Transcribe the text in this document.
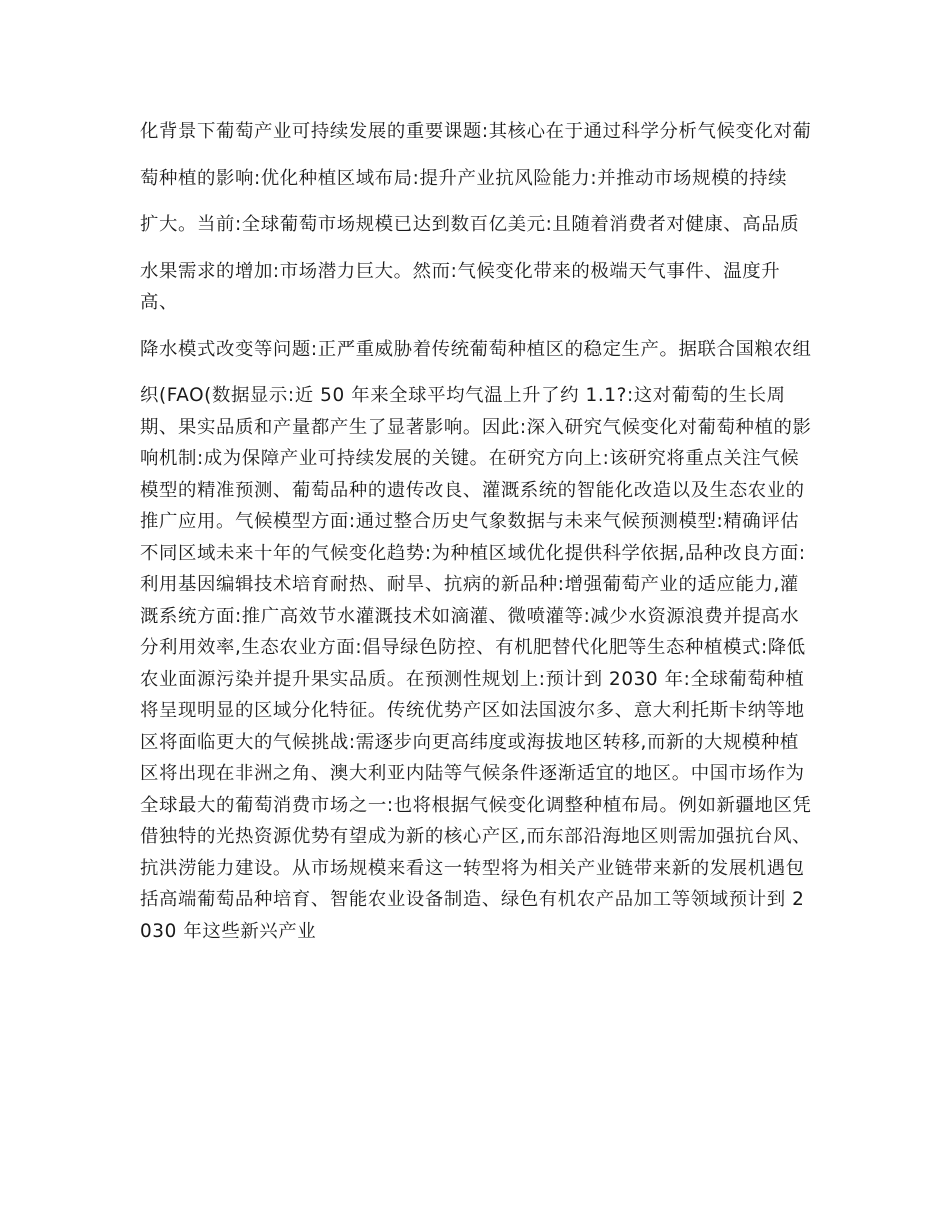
化背景下葡萄产业可持续发展的重要课题:其核心在于通过科学分析气候变化对葡

萄种植的影响:优化种植区域布局:提升产业抗风险能力:并推动市场规模的持续

扩大。当前:全球葡萄市场规模已达到数百亿美元:且随着消费者对健康、高品质

水果需求的增加:市场潜力巨大。然而:气候变化带来的极端天气事件、温度升高、

降水模式改变等问题:正严重威胁着传统葡萄种植区的稳定生产。据联合国粮农组

织(FAO(数据显示:近 50 年来全球平均气温上升了约 1.1?:这对葡萄的生长周期、果实品质和产量都产生了显著影响。因此:深入研究气候变化对葡萄种植的影响机制:成为保障产业可持续发展的关键。在研究方向上:该研究将重点关注气候模型的精准预测、葡萄品种的遗传改良、灌溉系统的智能化改造以及生态农业的推广应用。气候模型方面:通过整合历史气象数据与未来气候预测模型:精确评估不同区域未来十年的气候变化趋势:为种植区域优化提供科学依据,品种改良方面:利用基因编辑技术培育耐热、耐旱、抗病的新品种:增强葡萄产业的适应能力,灌溉系统方面:推广高效节水灌溉技术如滴灌、微喷灌等:减少水资源浪费并提高水分利用效率,生态农业方面:倡导绿色防控、有机肥替代化肥等生态种植模式:降低农业面源污染并提升果实品质。在预测性规划上:预计到 2030 年:全球葡萄种植将呈现明显的区域分化特征。传统优势产区如法国波尔多、意大利托斯卡纳等地区将面临更大的气候挑战:需逐步向更高纬度或海拔地区转移,而新的大规模种植区将出现在非洲之角、澳大利亚内陆等气候条件逐渐适宜的地区。中国市场作为全球最大的葡萄消费市场之一:也将根据气候变化调整种植布局。例如新疆地区凭借独特的光热资源优势有望成为新的核心产区,而东部沿海地区则需加强抗台风、抗洪涝能力建设。从市场规模来看这一转型将为相关产业链带来新的发展机遇包括高端葡萄品种培育、智能农业设备制造、绿色有机农产品加工等领域预计到 2030 年这些新兴产业
